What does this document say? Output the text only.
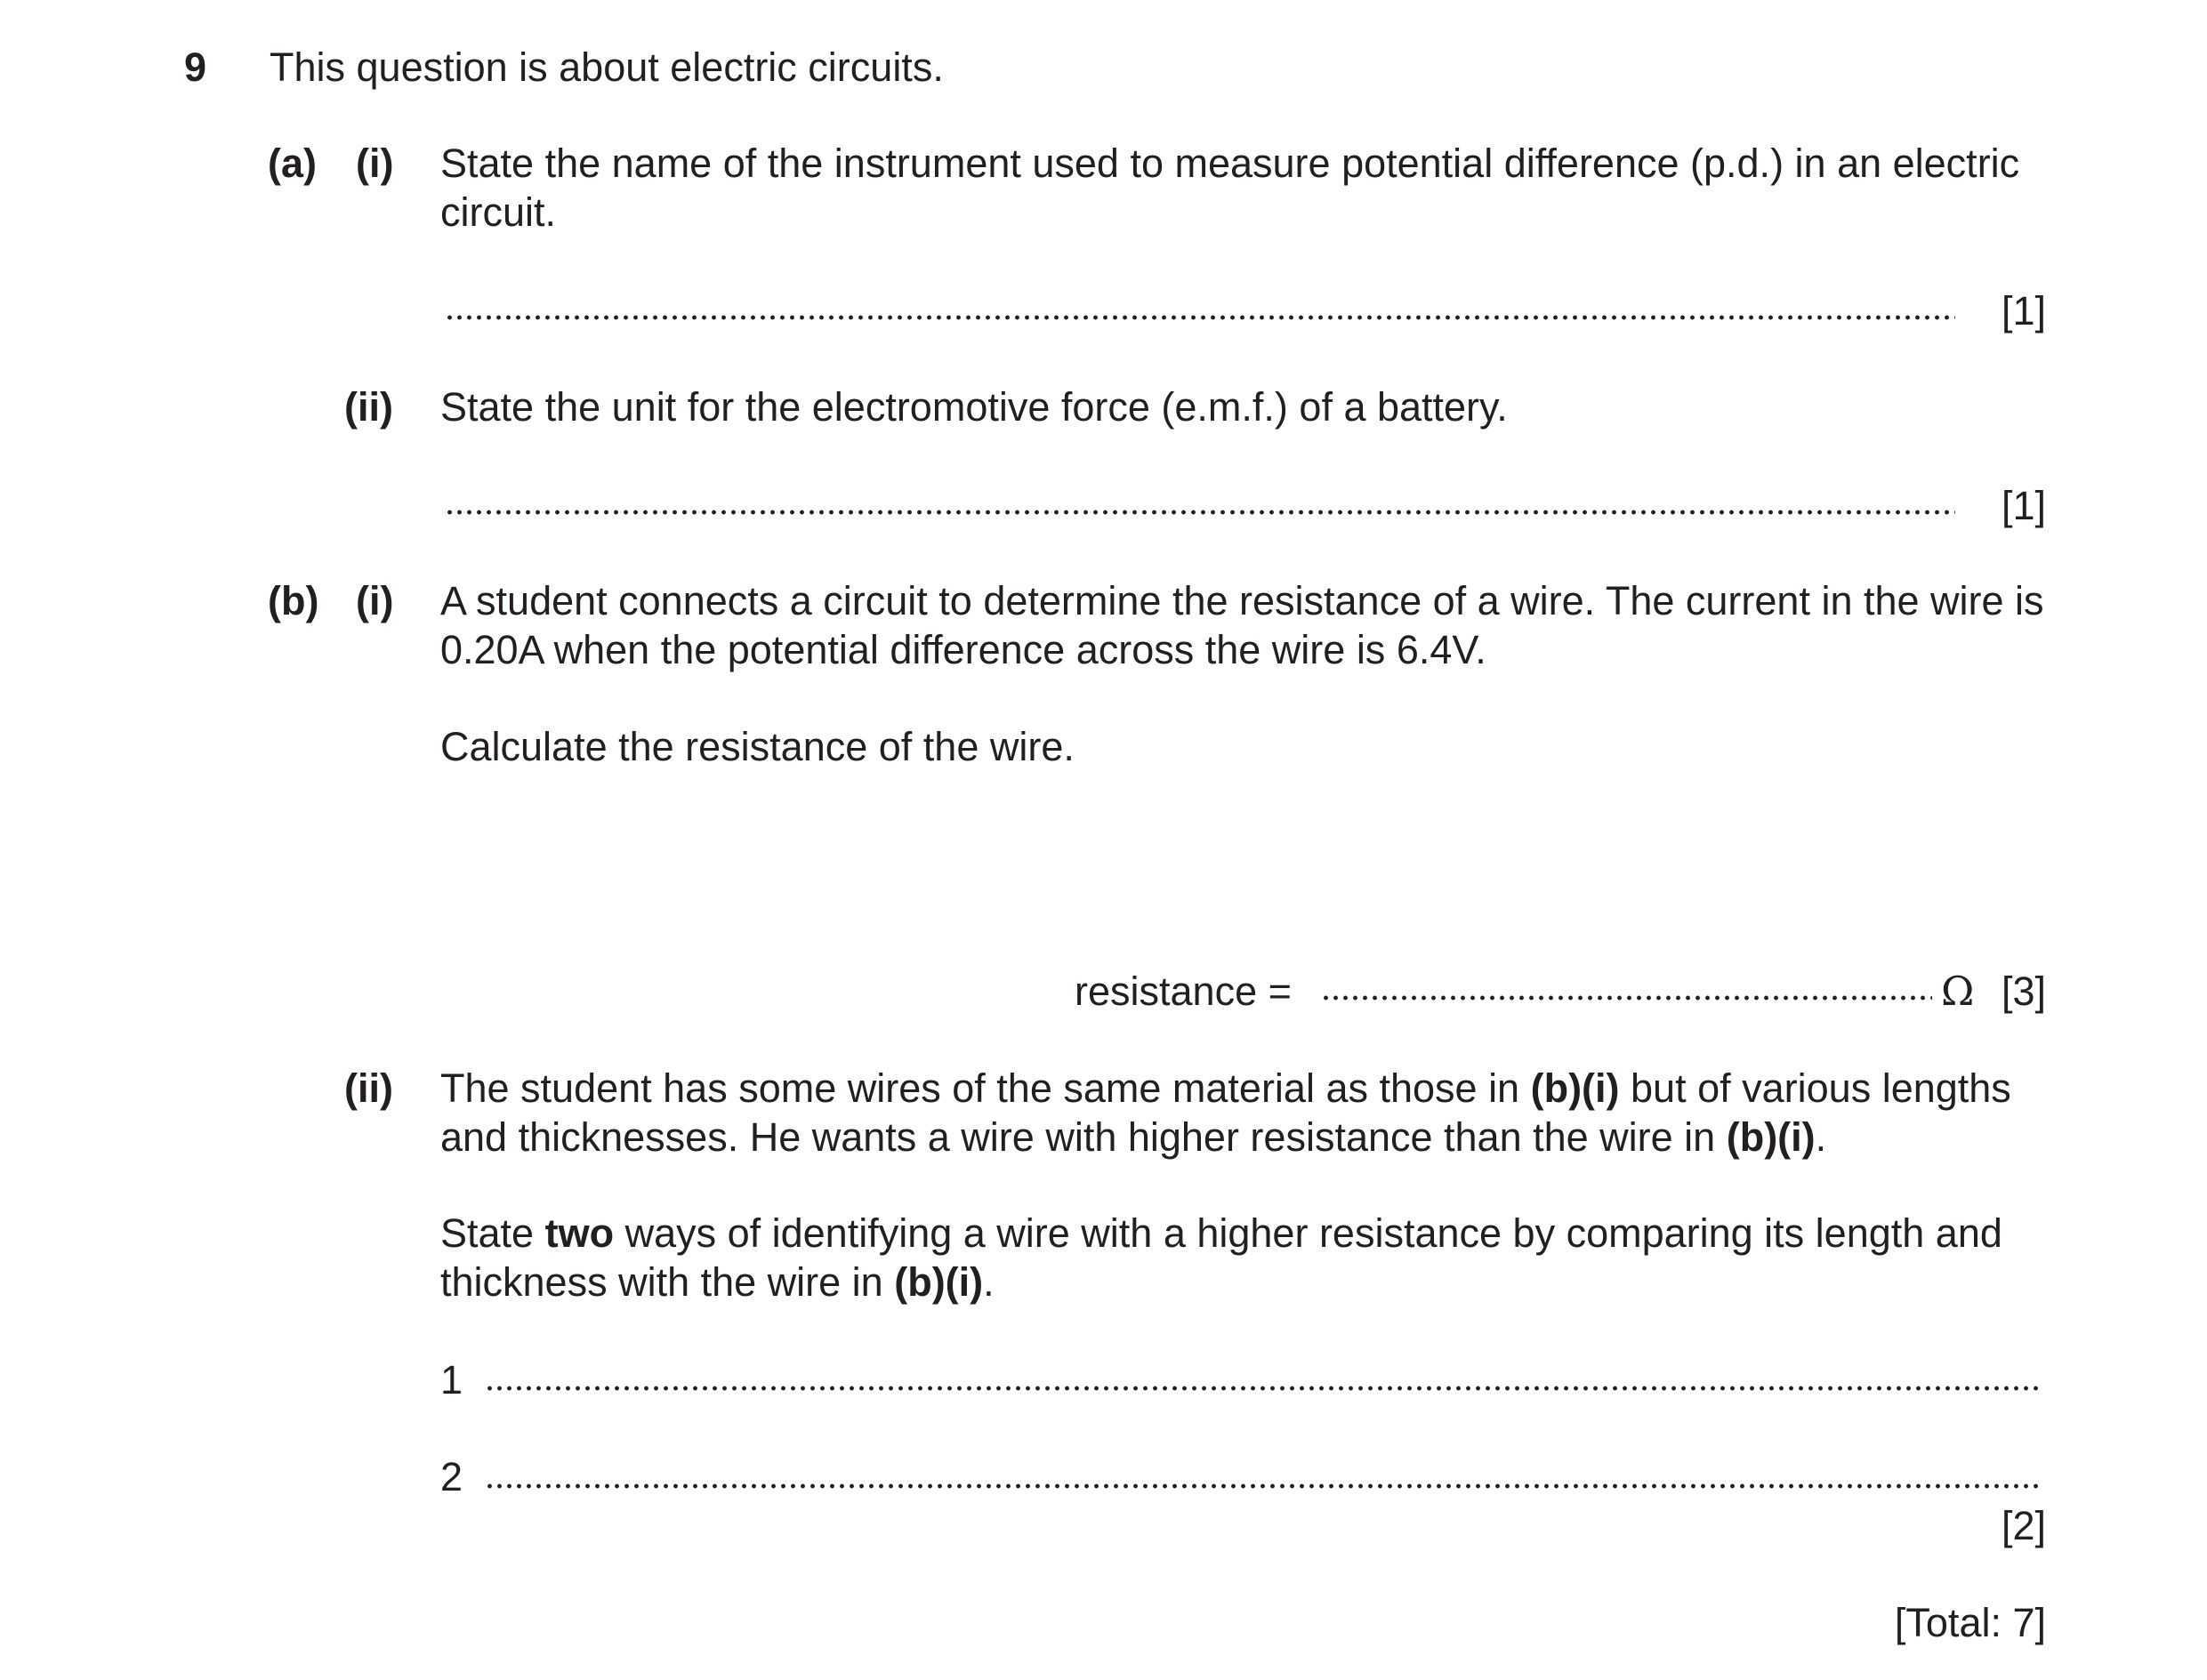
9 This question is about electric circuits.
(a) (i) State the name of the instrument used to measure potential difference (p.d.) in an electric circuit.
[1]
(ii) State the unit for the electromotive force (e.m.f.) of a battery.
[1]
(b) (i) A student connects a circuit to determine the resistance of a wire. The current in the wire is 0.20A when the potential difference across the wire is 6.4V.
Calculate the resistance of the wire.
resistance =	Ω [3]
(ii) The student has some wires of the same material as those in (b)(i) but of various lengths and thicknesses. He wants a wire with higher resistance than the wire in (b)(i).
State two ways of identifying a wire with a higher resistance by comparing its length and thickness with the wire in (b)(i).
1
2
[2]
[Total: 7]
